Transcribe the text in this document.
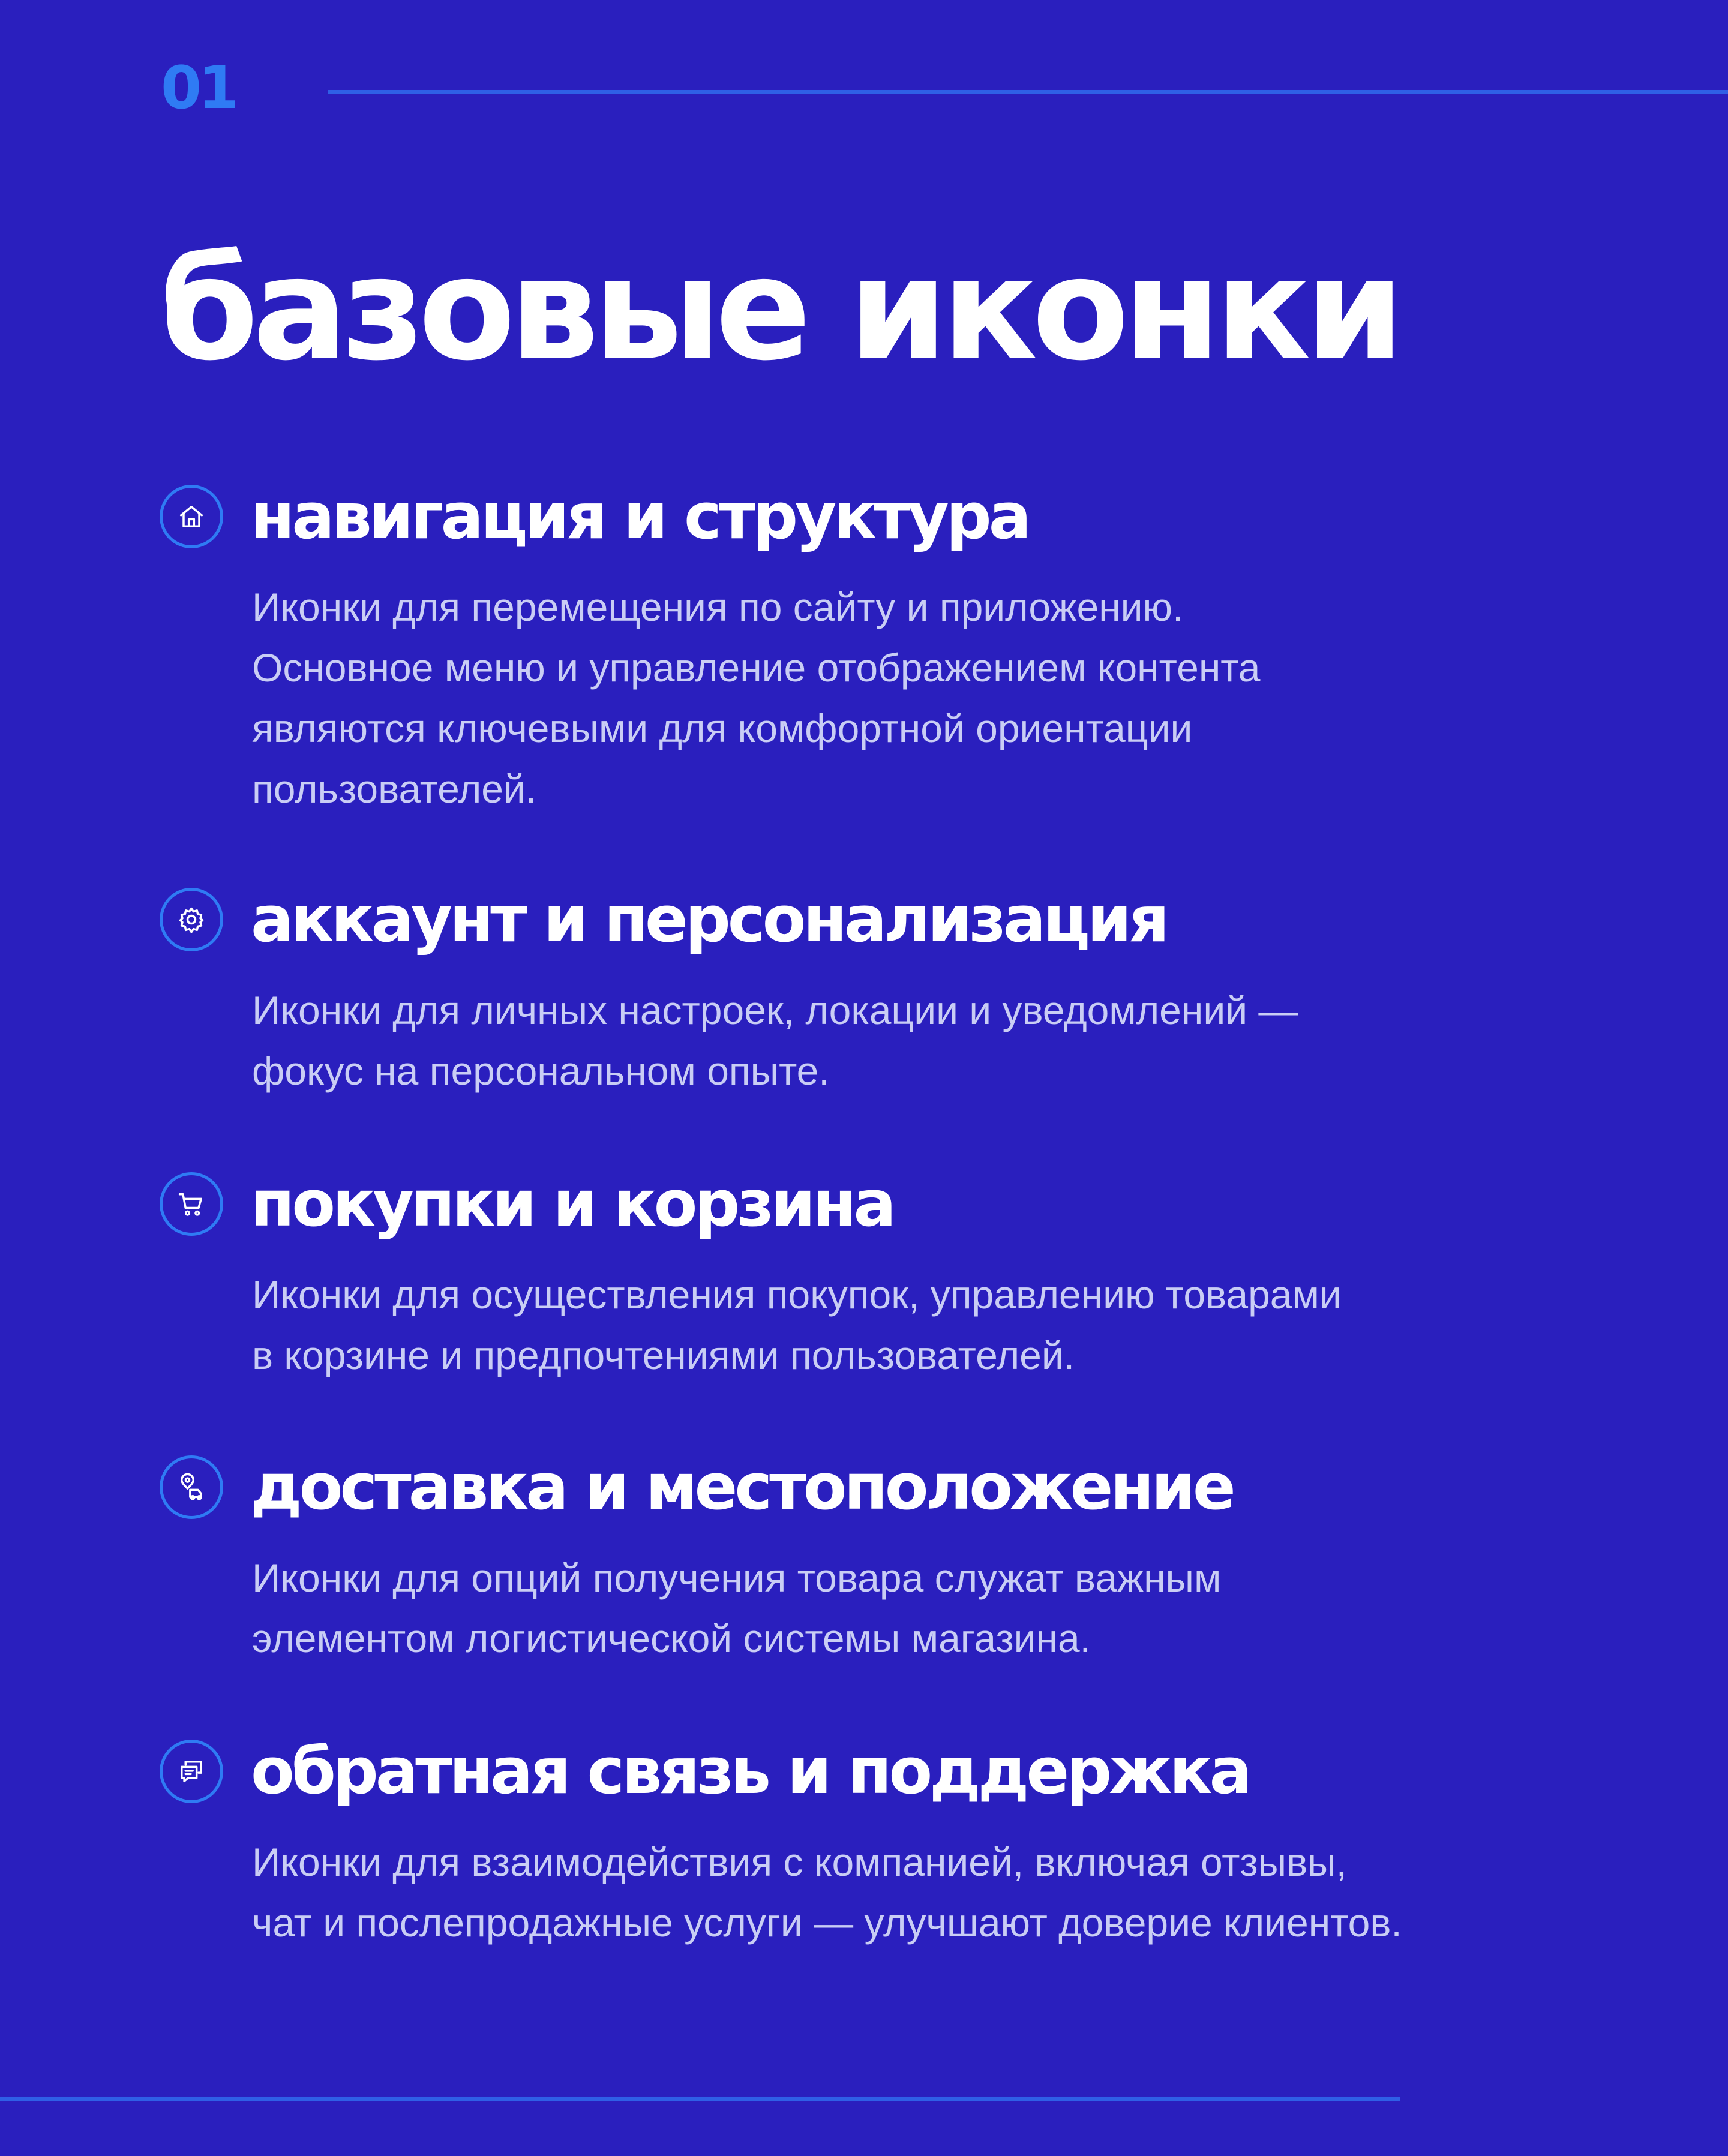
01
базовые иконки
навигация и структура

Иконки для перемещения по сайту и приложению.
Основное меню и управление отображением контента
являются ключевыми для комфортной ориентации
пользователей.

аккаунт и персонализация

Иконки для личных настроек, локации и уведомлений —
фокус на персональном опыте.

покупки и корзина

Иконки для осуществления покупок, управлению товарами
в корзине и предпочтениями пользователей.

доставка и местоположение

Иконки для опций получения товара служат важным
элементом логистической системы магазина.

обратная связь и поддержка

Иконки для взаимодействия с компанией, включая отзывы,
чат и послепродажные услуги — улучшают доверие клиентов.
